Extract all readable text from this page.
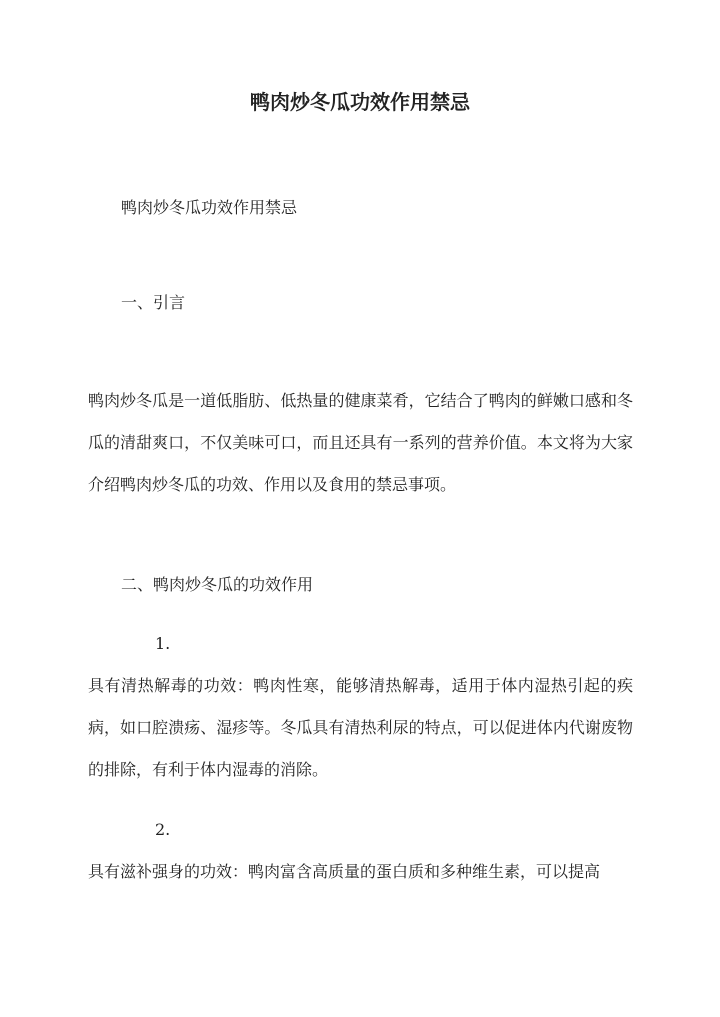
鸭肉炒冬瓜功效作用禁忌

鸭肉炒冬瓜功效作用禁忌

一、引言

鸭肉炒冬瓜是一道低脂肪、低热量的健康菜肴，它结合了鸭肉的鲜嫩口感和冬瓜的清甜爽口，不仅美味可口，而且还具有一系列的营养价值。本文将为大家介绍鸭肉炒冬瓜的功效、作用以及食用的禁忌事项。

二、鸭肉炒冬瓜的功效作用

1.

具有清热解毒的功效：鸭肉性寒，能够清热解毒，适用于体内湿热引起的疾病，如口腔溃疡、湿疹等。冬瓜具有清热利尿的特点，可以促进体内代谢废物的排除，有利于体内湿毒的消除。

2.

具有滋补强身的功效：鸭肉富含高质量的蛋白质和多种维生素，可以提高
